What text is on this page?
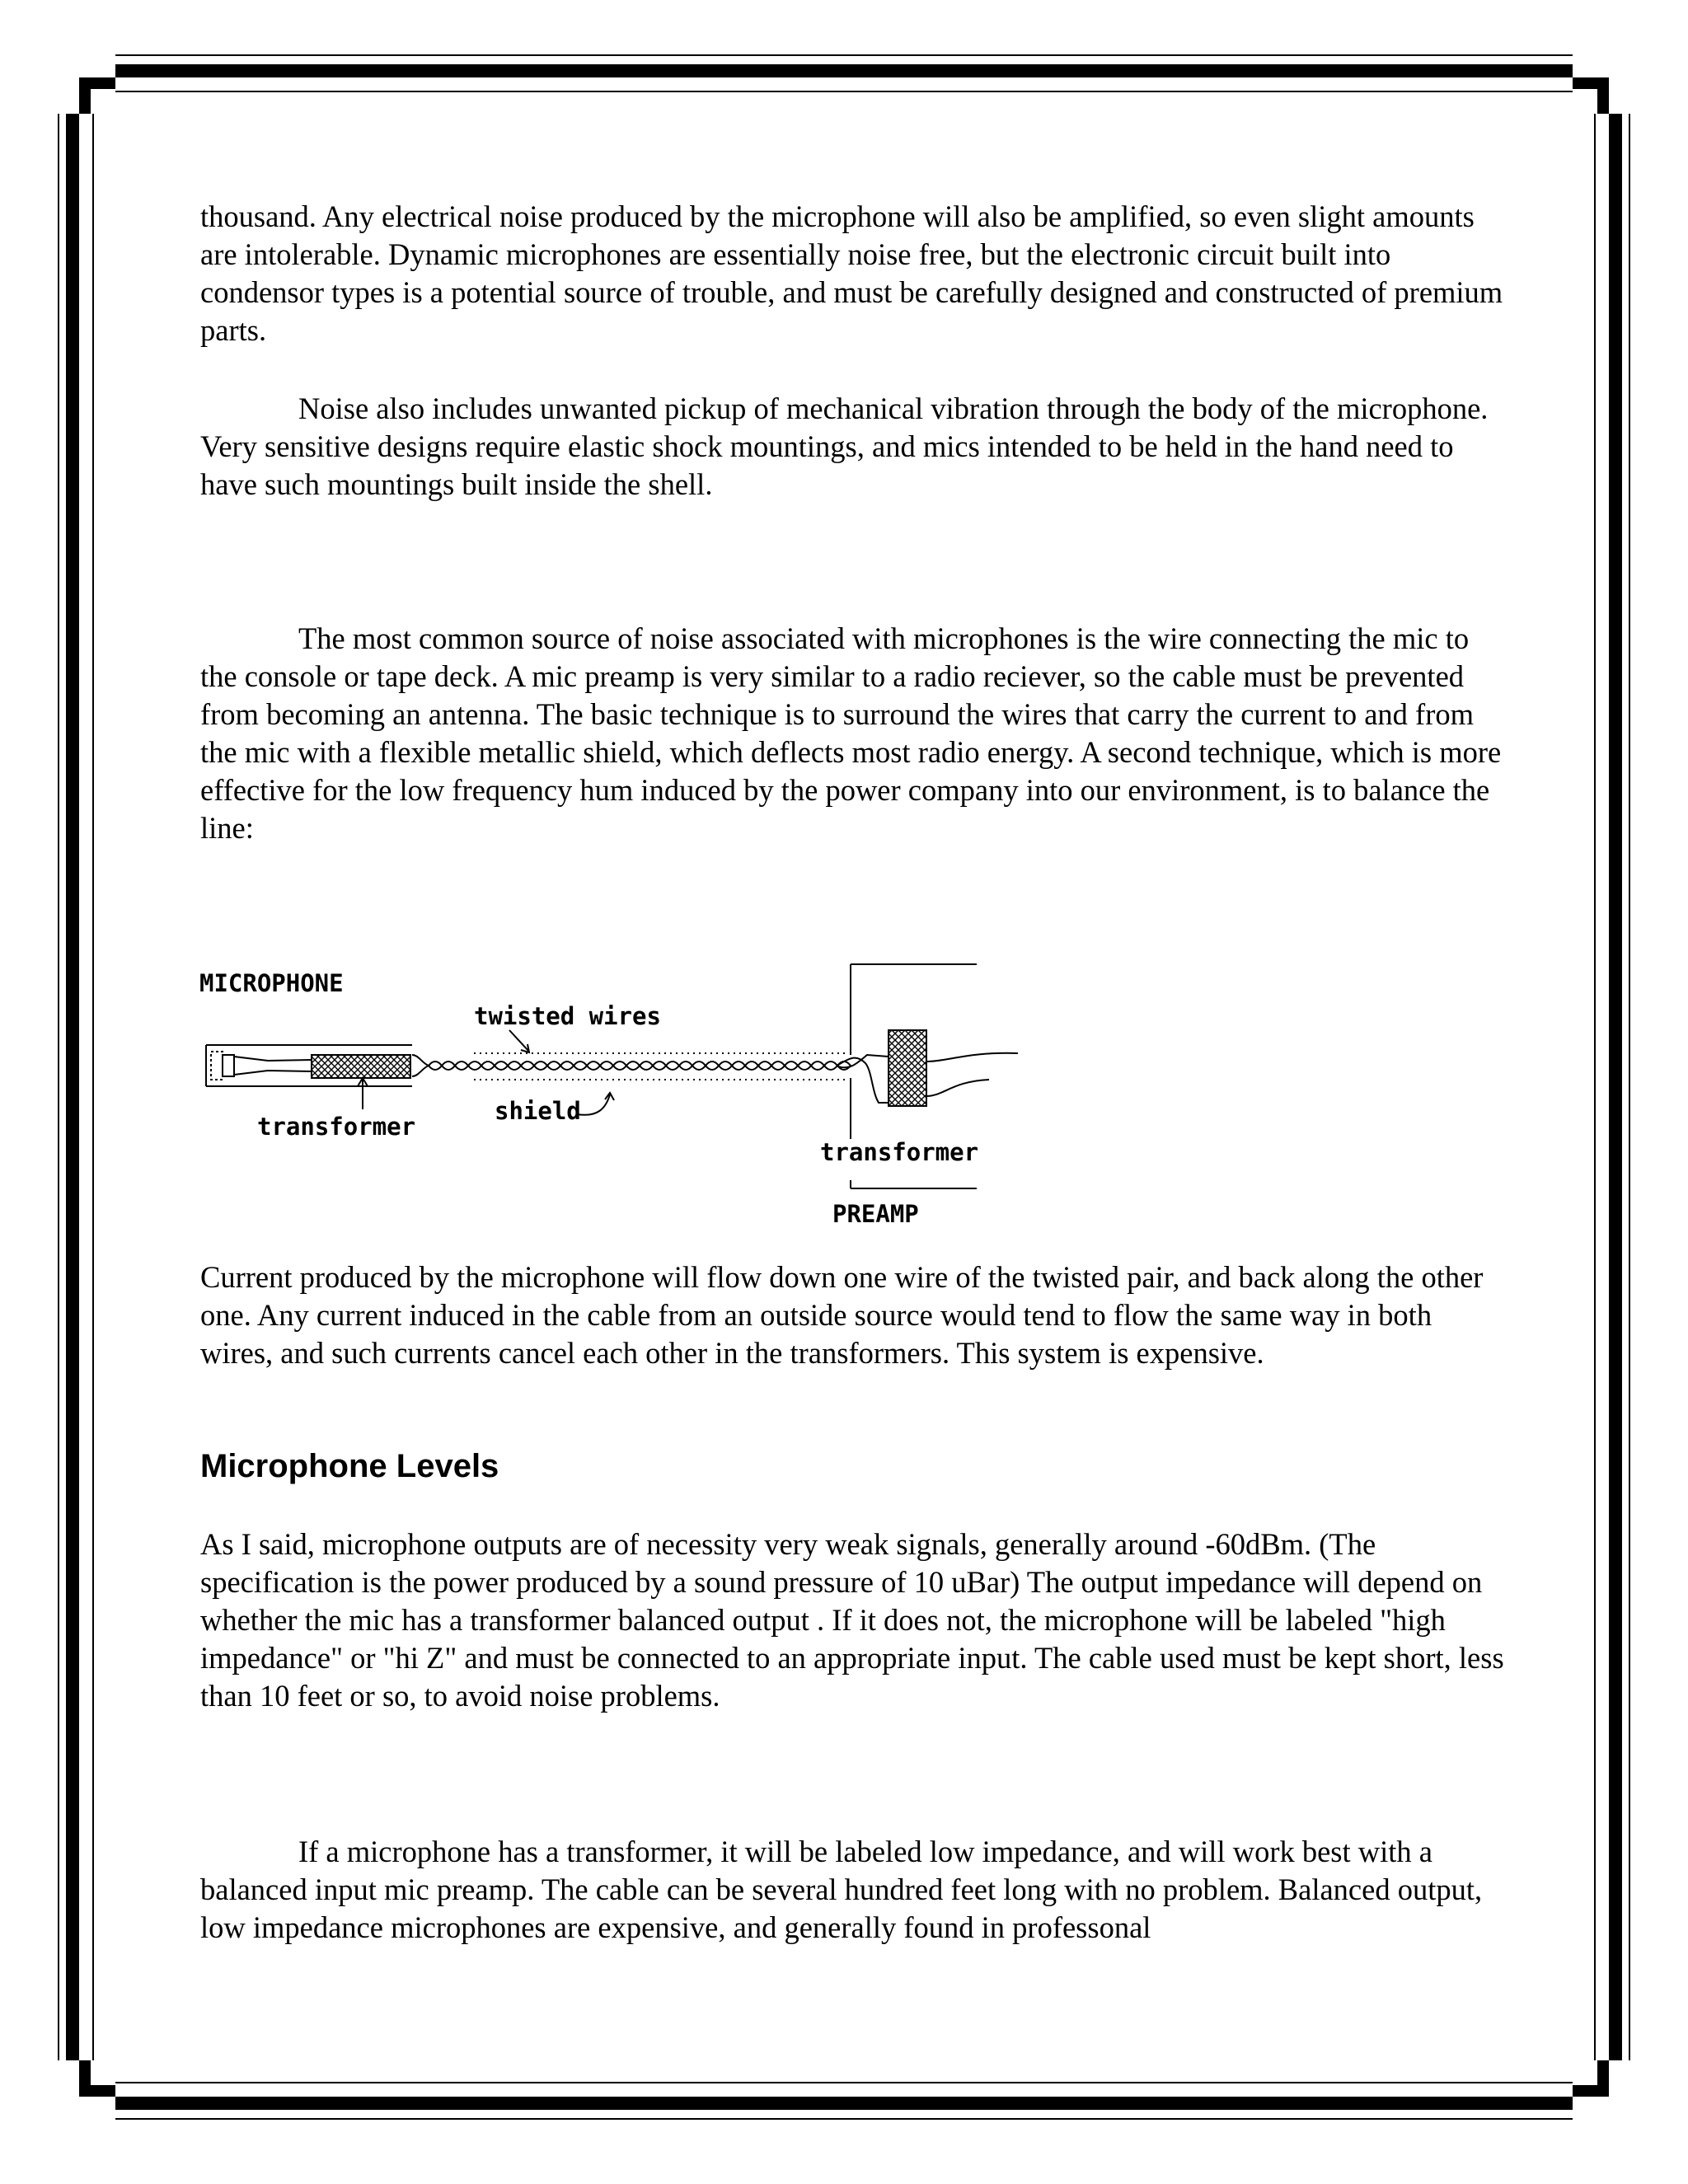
thousand. Any electrical noise produced by the microphone will also be amplified, so even slight amounts are intolerable. Dynamic microphones are essentially noise free, but the electronic circuit built into condensor types is a potential source of trouble, and must be carefully designed and constructed of premium parts.

Noise also includes unwanted pickup of mechanical vibration through the body of the microphone. Very sensitive designs require elastic shock mountings, and mics intended to be held in the hand need to have such mountings built inside the shell.

The most common source of noise associated with microphones is the wire connecting the mic to the console or tape deck. A mic preamp is very similar to a radio reciever, so the cable must be prevented from becoming an antenna. The basic technique is to surround the wires that carry the current to and from the mic with a flexible metallic shield, which deflects most radio energy. A second technique, which is more effective for the low frequency hum induced by the power company into our environment, is to balance the line:

MICROPHONE
twisted wires
shield
transformer
transformer
PREAMP

Current produced by the microphone will flow down one wire of the twisted pair, and back along the other one. Any current induced in the cable from an outside source would tend to flow the same way in both wires, and such currents cancel each other in the transformers. This system is expensive.

Microphone Levels

As I said, microphone outputs are of necessity very weak signals, generally around -60dBm. (The specification is the power produced by a sound pressure of 10 uBar) The output impedance will depend on whether the mic has a transformer balanced output . If it does not, the microphone will be labeled "high impedance" or "hi Z" and must be connected to an appropriate input. The cable used must be kept short, less than 10 feet or so, to avoid noise problems.

If a microphone has a transformer, it will be labeled low impedance, and will work best with a balanced input mic preamp. The cable can be several hundred feet long with no problem. Balanced output, low impedance microphones are expensive, and generally found in professonal
